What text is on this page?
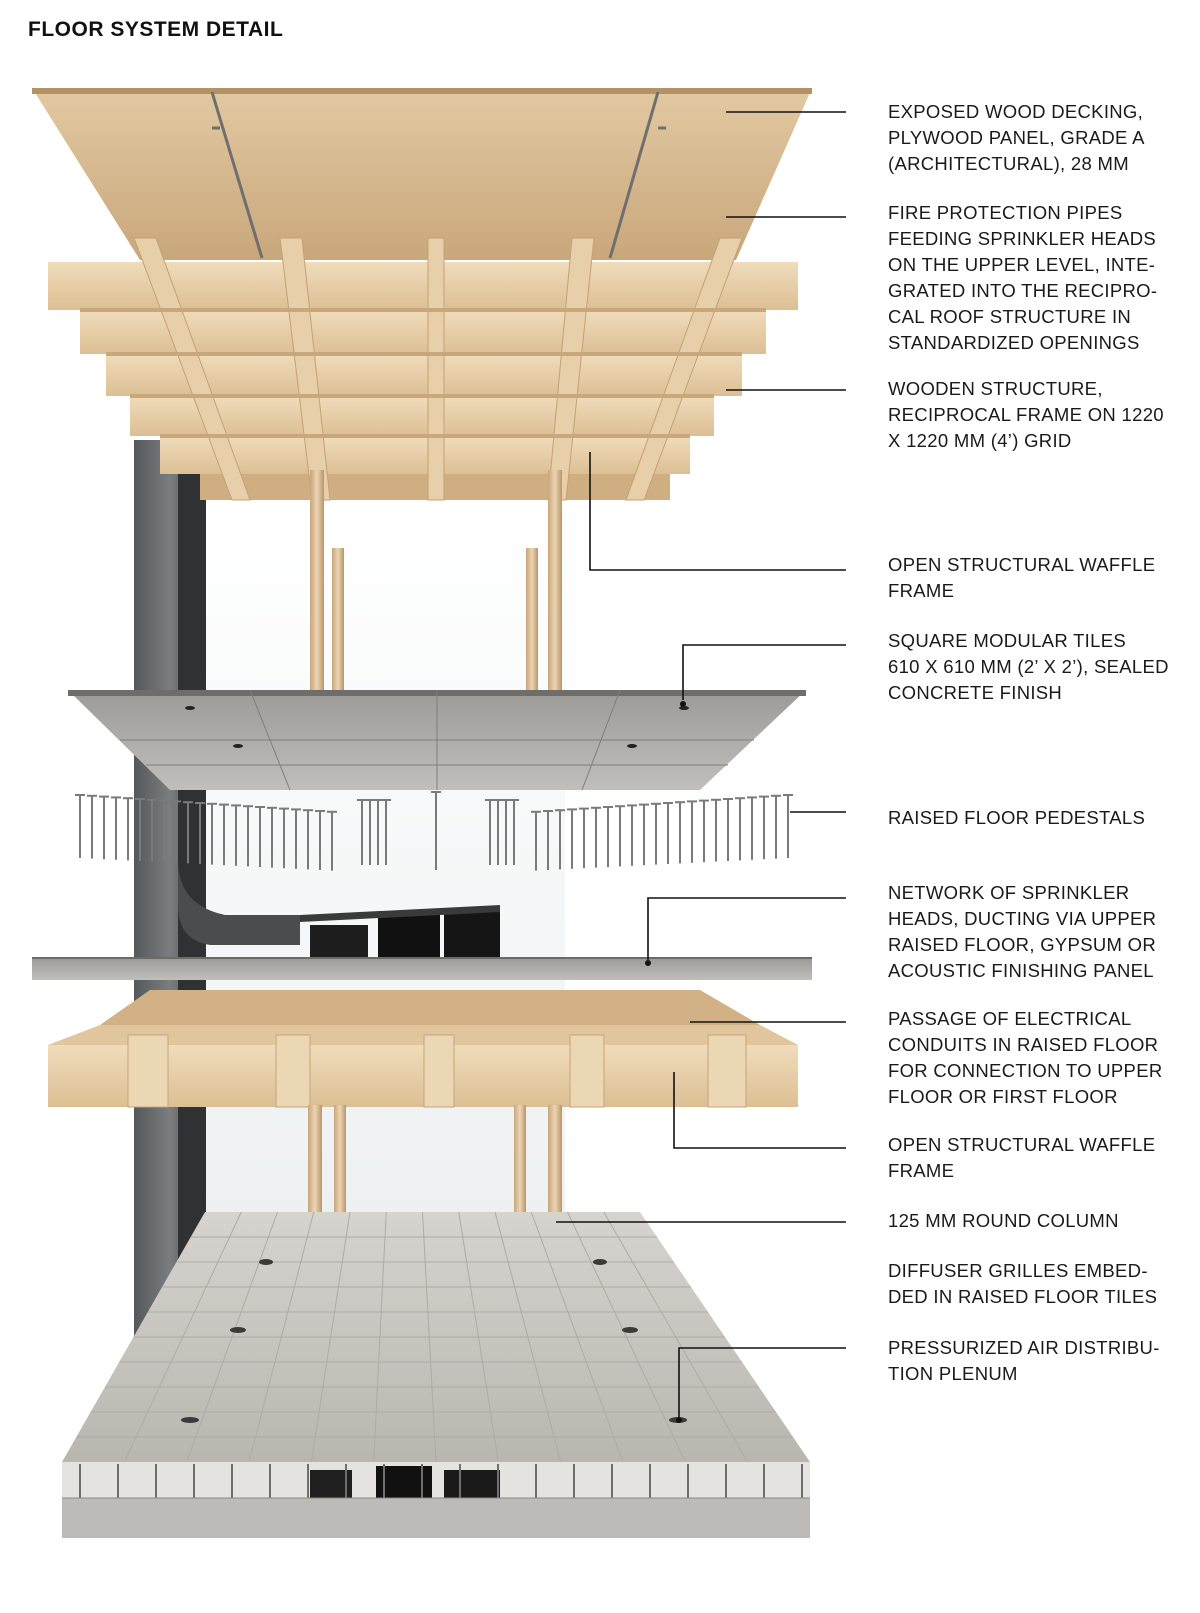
FLOOR SYSTEM DETAIL
EXPOSED WOOD DECKING,
PLYWOOD PANEL, GRADE A
(ARCHITECTURAL), 28 MM
FIRE PROTECTION PIPES
FEEDING SPRINKLER HEADS
ON THE UPPER LEVEL, INTE-
GRATED INTO THE RECIPRO-
CAL ROOF STRUCTURE IN
STANDARDIZED OPENINGS
WOODEN STRUCTURE,
RECIPROCAL FRAME ON 1220
X 1220 MM (4’) GRID
OPEN STRUCTURAL WAFFLE
FRAME
SQUARE MODULAR TILES
610 X 610 MM (2’ X 2’), SEALED
CONCRETE FINISH
RAISED FLOOR PEDESTALS
NETWORK OF SPRINKLER
HEADS, DUCTING VIA UPPER
RAISED FLOOR, GYPSUM OR
ACOUSTIC FINISHING PANEL
PASSAGE OF ELECTRICAL
CONDUITS IN RAISED FLOOR
FOR CONNECTION TO UPPER
FLOOR OR FIRST FLOOR
OPEN STRUCTURAL WAFFLE
FRAME
125 MM ROUND COLUMN
DIFFUSER GRILLES EMBED-
DED IN RAISED FLOOR TILES
PRESSURIZED AIR DISTRIBU-
TION PLENUM
